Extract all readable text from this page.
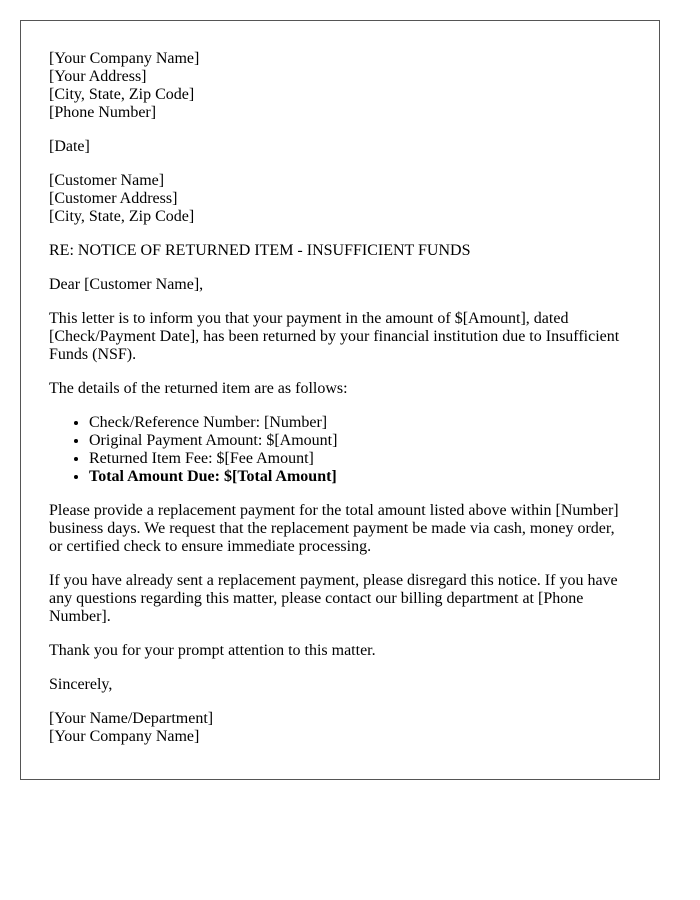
[Your Company Name]
[Your Address]
[City, State, Zip Code]
[Phone Number]
[Date]
[Customer Name]
[Customer Address]
[City, State, Zip Code]

RE: NOTICE OF RETURNED ITEM - INSUFFICIENT FUNDS

Dear [Customer Name],

This letter is to inform you that your payment in the amount of $[Amount], dated [Check/Payment Date], has been returned by your financial institution due to Insufficient Funds (NSF).

The details of the returned item are as follows:

• Check/Reference Number: [Number]
• Original Payment Amount: $[Amount]
• Returned Item Fee: $[Fee Amount]
• Total Amount Due: $[Total Amount]

Please provide a replacement payment for the total amount listed above within [Number] business days. We request that the replacement payment be made via cash, money order, or certified check to ensure immediate processing.

If you have already sent a replacement payment, please disregard this notice. If you have any questions regarding this matter, please contact our billing department at [Phone Number].

Thank you for your prompt attention to this matter.

Sincerely,

[Your Name/Department]
[Your Company Name]
